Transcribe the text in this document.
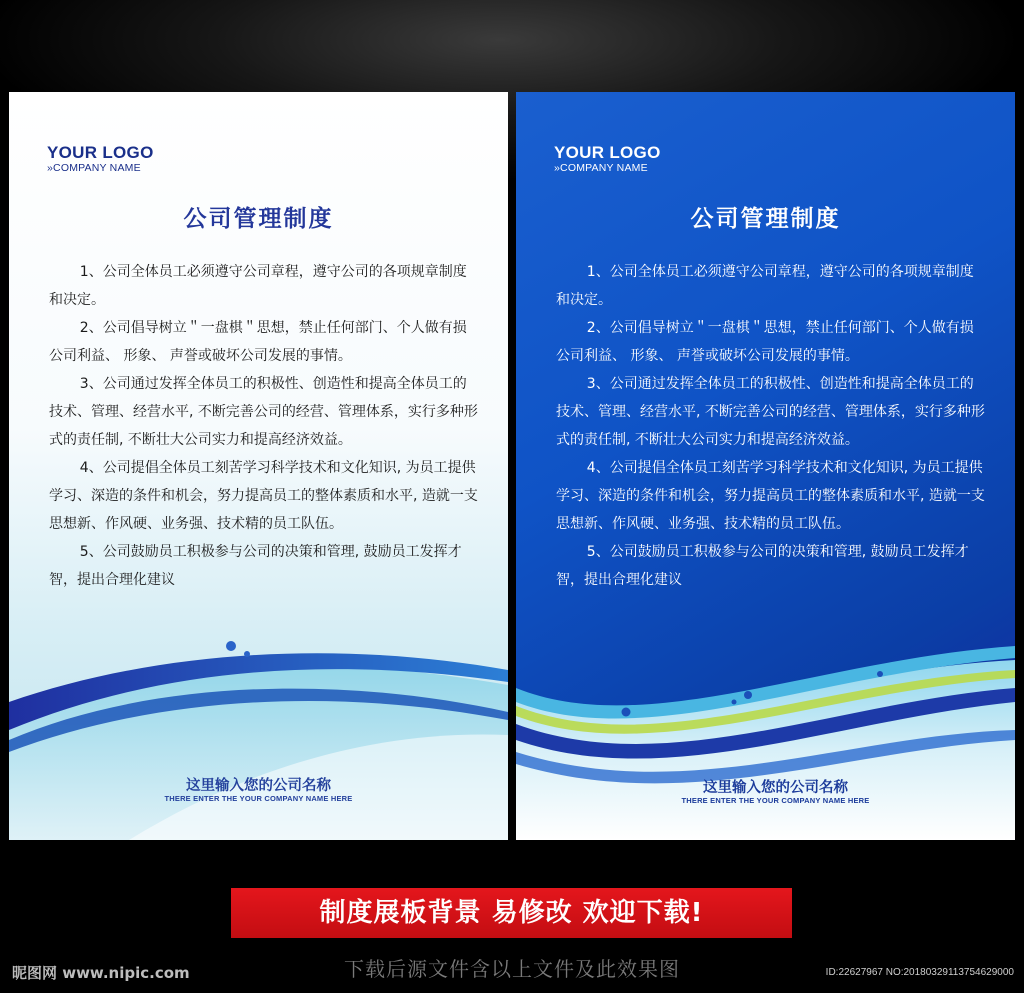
YOUR LOGO
»COMPANY NAME
公司管理制度

1、公司全体员工必须遵守公司章程，遵守公司的各项规章制度和决定。

2、公司倡导树立＂一盘棋＂思想，禁止任何部门、个人做有损公司利益、 形象、 声誉或破坏公司发展的事情。

3、公司通过发挥全体员工的积极性、创造性和提高全体员工的技术、管理、经营水平, 不断完善公司的经营、管理体系，实行多种形式的责任制, 不断壮大公司实力和提高经济效益。

4、公司提倡全体员工刻苦学习科学技术和文化知识, 为员工提供学习、深造的条件和机会，努力提高员工的整体素质和水平, 造就一支思想新、作风硬、业务强、技术精的员工队伍。

5、公司鼓励员工积极参与公司的决策和管理, 鼓励员工发挥才智，提出合理化建议

这里输入您的公司名称
THERE ENTER THE YOUR COMPANY NAME HERE
YOUR LOGO
»COMPANY NAME
公司管理制度

1、公司全体员工必须遵守公司章程，遵守公司的各项规章制度和决定。

2、公司倡导树立＂一盘棋＂思想，禁止任何部门、个人做有损公司利益、 形象、 声誉或破坏公司发展的事情。

3、公司通过发挥全体员工的积极性、创造性和提高全体员工的技术、管理、经营水平, 不断完善公司的经营、管理体系，实行多种形式的责任制, 不断壮大公司实力和提高经济效益。

4、公司提倡全体员工刻苦学习科学技术和文化知识, 为员工提供学习、深造的条件和机会，努力提高员工的整体素质和水平, 造就一支思想新、作风硬、业务强、技术精的员工队伍。

5、公司鼓励员工积极参与公司的决策和管理, 鼓励员工发挥才智，提出合理化建议

这里输入您的公司名称
THERE ENTER THE YOUR COMPANY NAME HERE
制度展板背景 易修改 欢迎下载!
下载后源文件含以上文件及此效果图
昵图网 www.nipic.com	ID:22627967 NO:20180329113754629000
